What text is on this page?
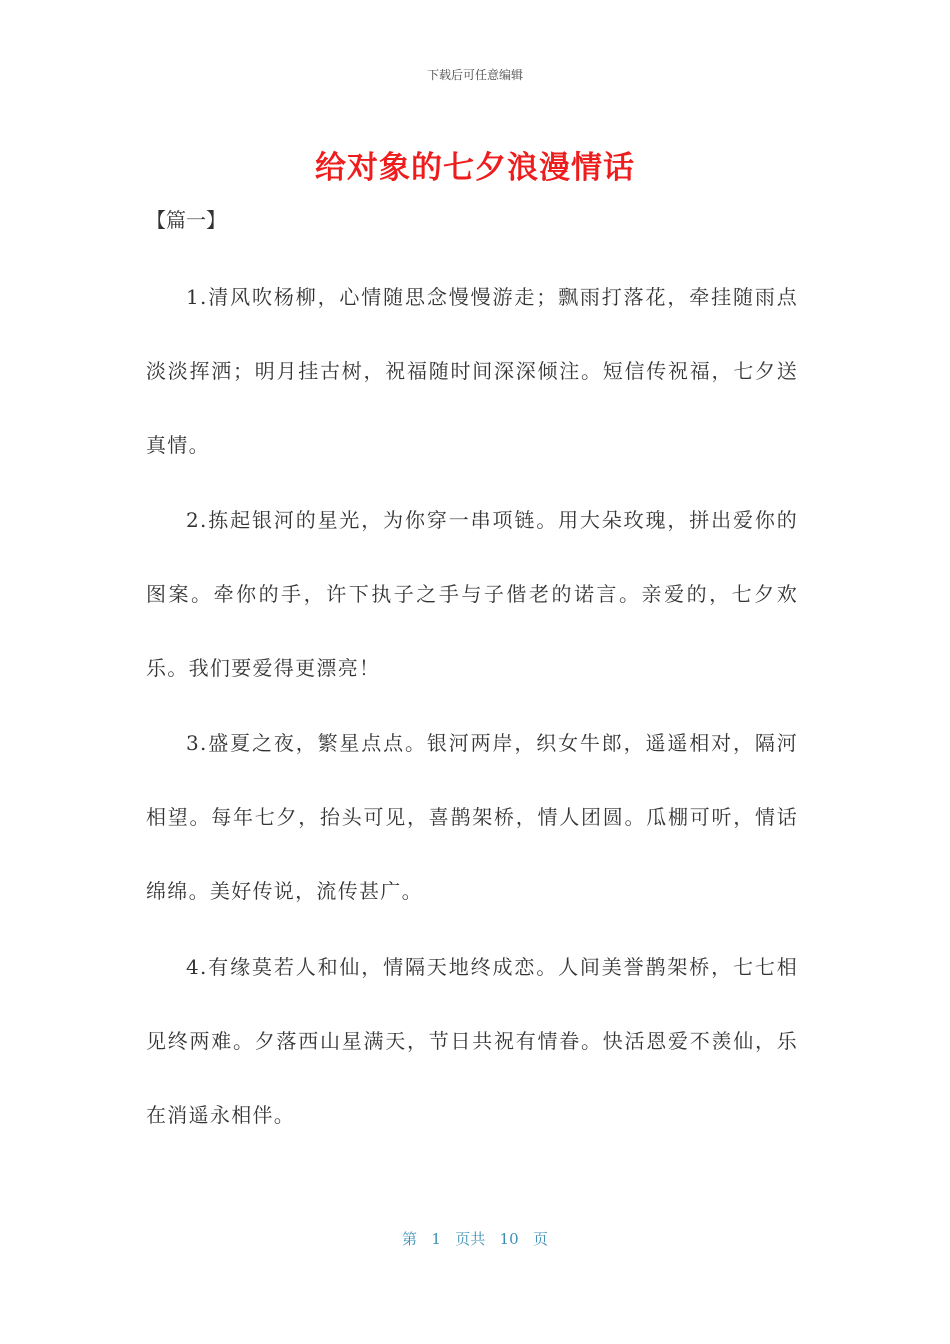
下载后可任意编辑
给对象的七夕浪漫情话
【篇一】

1.清风吹杨柳，心情随思念慢慢游走；飘雨打落花，牵挂随雨点淡淡挥洒；明月挂古树，祝福随时间深深倾注。短信传祝福，七夕送真情。

2.拣起银河的星光，为你穿一串项链。用大朵玫瑰，拼出爱你的图案。牵你的手，许下执子之手与子偕老的诺言。亲爱的，七夕欢乐。我们要爱得更漂亮！

3.盛夏之夜，繁星点点。银河两岸，织女牛郎，遥遥相对，隔河相望。每年七夕，抬头可见，喜鹊架桥，情人团圆。瓜棚可听，情话绵绵。美好传说，流传甚广。

4.有缘莫若人和仙，情隔天地终成恋。人间美誉鹊架桥，七七相见终两难。夕落西山星满天，节日共祝有情眷。快活恩爱不羡仙，乐在消遥永相伴。

第 1 页共 10 页
